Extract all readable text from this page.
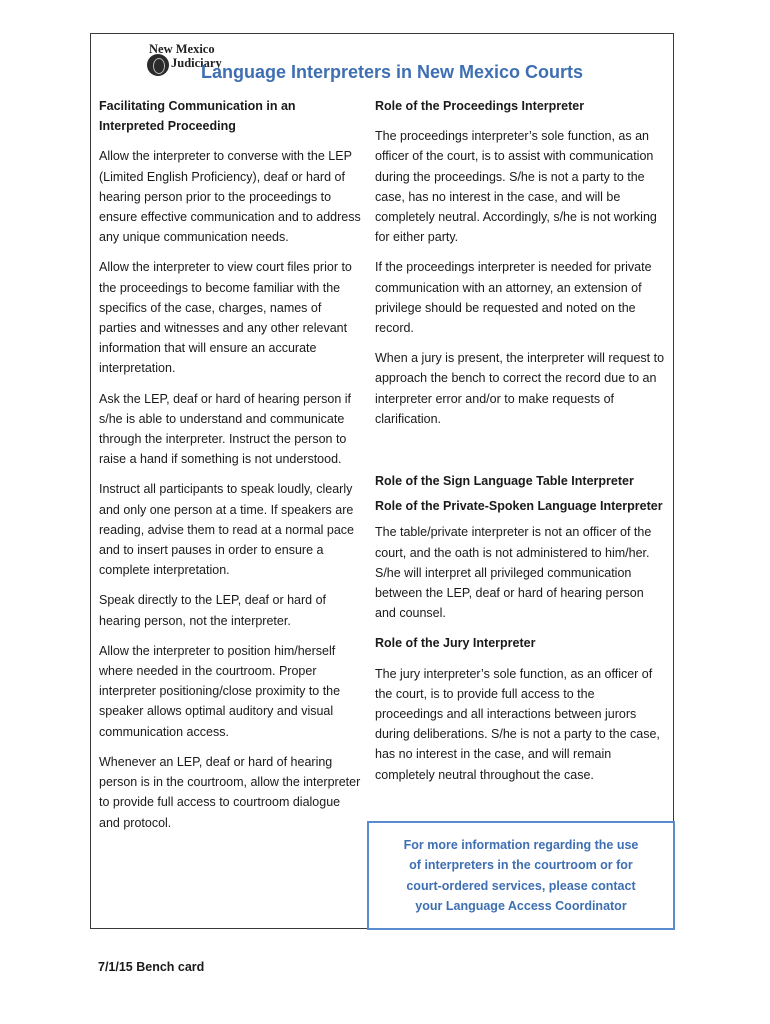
New Mexico
Judiciary
Language Interpreters in New Mexico Courts

Facilitating Communication in an Interpreted Proceeding

Allow the interpreter to converse with the LEP (Limited English Proficiency), deaf or hard of hearing person prior to the proceedings to ensure effective communication and to address any unique communication needs.

Allow the interpreter to view court files prior to the proceedings to become familiar with the specifics of the case, charges, names of parties and witnesses and any other relevant information that will ensure an accurate interpretation.

Ask the LEP, deaf or hard of hearing person if s/he is able to understand and communicate through the interpreter. Instruct the person to raise a hand if something is not understood.

Instruct all participants to speak loudly, clearly and only one person at a time. If speakers are reading, advise them to read at a normal pace and to insert pauses in order to ensure a complete interpretation.

Speak directly to the LEP, deaf or hard of hearing person, not the interpreter.

Allow the interpreter to position him/herself where needed in the courtroom. Proper interpreter positioning/close proximity to the speaker allows optimal auditory and visual communication access.

Whenever an LEP, deaf or hard of hearing person is in the courtroom, allow the interpreter to provide full access to courtroom dialogue and protocol.

Role of the Proceedings Interpreter

The proceedings interpreter’s sole function, as an officer of the court, is to assist with communication during the proceedings. S/he is not a party to the case, has no interest in the case, and will be completely neutral. Accordingly, s/he is not working for either party.

If the proceedings interpreter is needed for private communication with an attorney, an extension of privilege should be requested and noted on the record.

When a jury is present, the interpreter will request to approach the bench to correct the record due to an interpreter error and/or to make requests of clarification.

Role of the Sign Language Table Interpreter

Role of the Private-Spoken Language Interpreter

The table/private interpreter is not an officer of the court, and the oath is not administered to him/her. S/he will interpret all privileged communication between the LEP, deaf or hard of hearing person and counsel.

Role of the Jury Interpreter

The jury interpreter’s sole function, as an officer of the court, is to provide full access to the proceedings and all interactions between jurors during deliberations. S/he is not a party to the case, has no interest in the case, and will remain completely neutral throughout the case.

For more information regarding the use of interpreters in the courtroom or for court-ordered services, please contact your Language Access Coordinator
7/1/15 Bench card
